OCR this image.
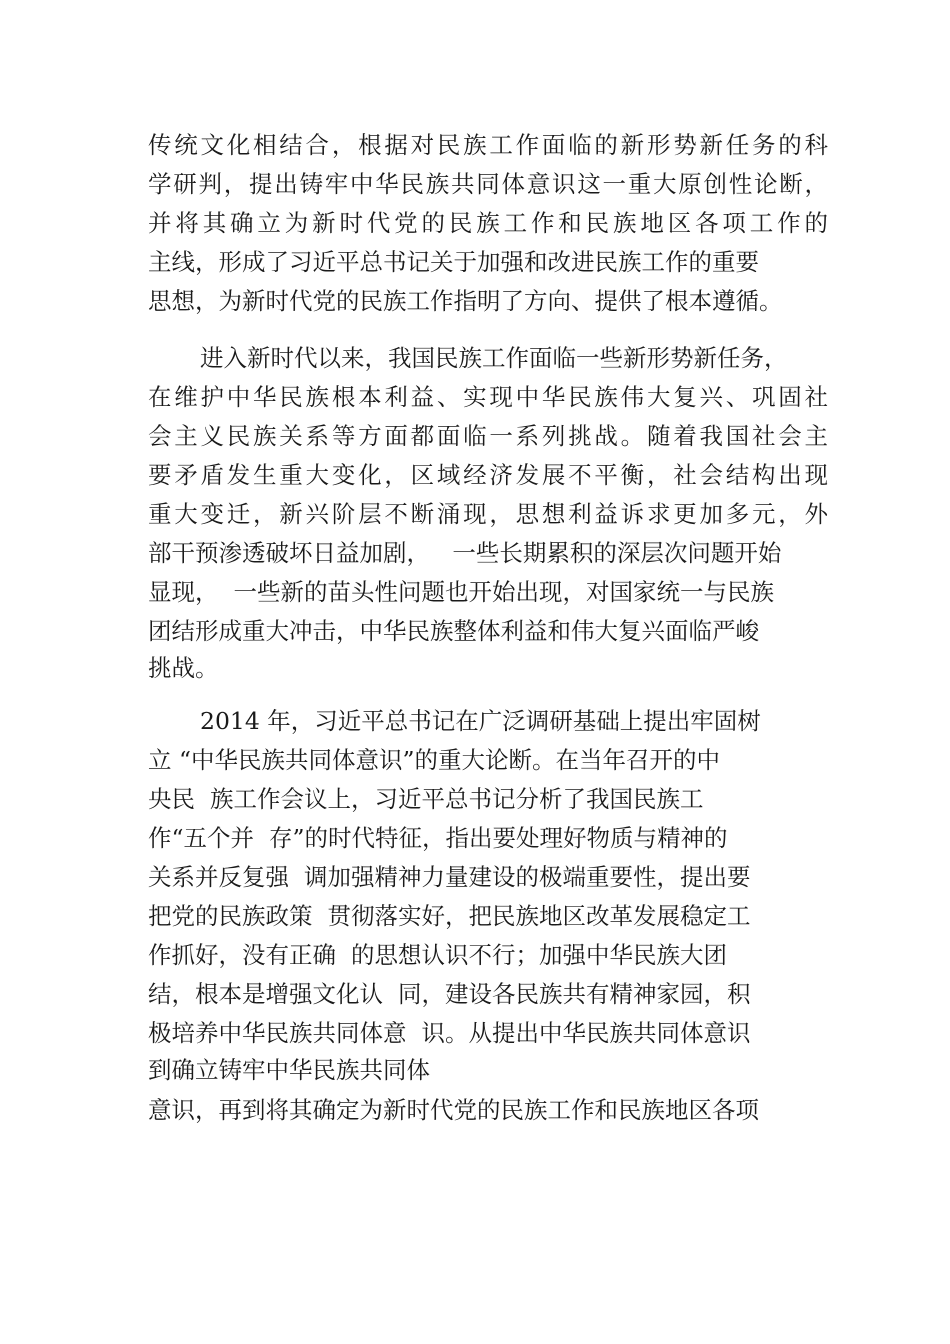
传统文化相结合，根据对民族工作面临的新形势新任务的科
学研判，提出铸牢中华民族共同体意识这一重大原创性论断，
并将其确立为新时代党的民族工作和民族地区各项工作的
主线，形成了习近平总书记关于加强和改进民族工作的重要
思想，为新时代党的民族工作指明了方向、提供了根本遵循。
进入新时代以来，我国民族工作面临一些新形势新任务，
在维护中华民族根本利益、实现中华民族伟大复兴、巩固社
会主义民族关系等方面都面临一系列挑战。随着我国社会主
要矛盾发生重大变化，区域经济发展不平衡，社会结构出现
重大变迁，新兴阶层不断涌现，思想利益诉求更加多元，外
部干预渗透破坏日益加剧，   一些长期累积的深层次问题开始
显现，  一些新的苗头性问题也开始出现，对国家统一与民族
团结形成重大冲击，中华民族整体利益和伟大复兴面临严峻
挑战。
2014 年，习近平总书记在广泛调研基础上提出牢固树
立 “中华民族共同体意识”的重大论断。在当年召开的中
央民  族工作会议上，习近平总书记分析了我国民族工
作“五个并  存”的时代特征，指出要处理好物质与精神的
关系并反复强  调加强精神力量建设的极端重要性，提出要
把党的民族政策  贯彻落实好，把民族地区改革发展稳定工
作抓好，没有正确  的思想认识不行；加强中华民族大团
结，根本是增强文化认  同，建设各民族共有精神家园，积
极培养中华民族共同体意  识。从提出中华民族共同体意识
到确立铸牢中华民族共同体
意识，再到将其确定为新时代党的民族工作和民族地区各项
